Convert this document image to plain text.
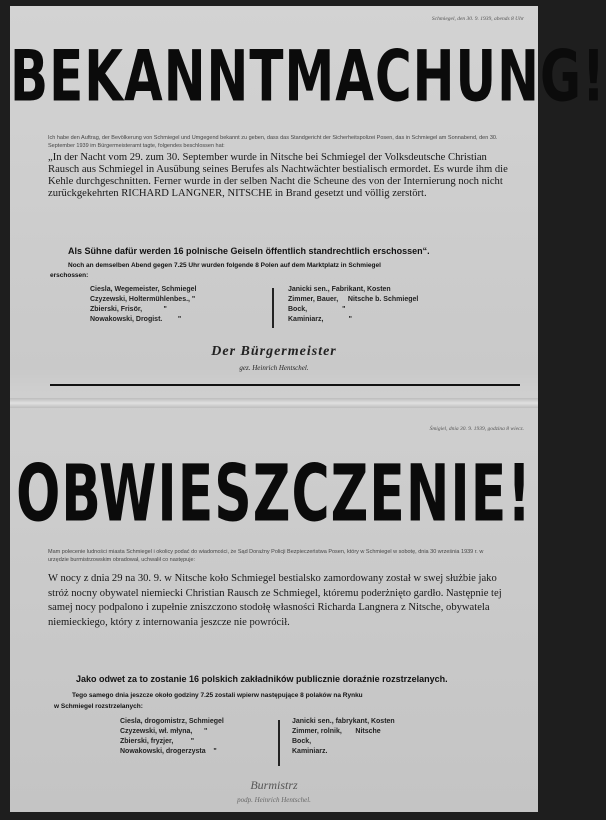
Schmiegel, den 30. 9. 1939, abends 8 Uhr
BEKANNTMACHUNG!
Ich habe den Auftrag, der Bevölkerung von Schmiegel und Umgegend bekannt zu geben, dass das Standgericht der Sicherheitspolizei Posen, das in Schmiegel am Sonnabend, den 30. September 1939 im Bürgermeisteramt tagte, folgendes beschlossen hat:
„In der Nacht vom 29. zum 30. September wurde in Nitsche bei Schmiegel der Volksdeutsche Christian Rausch aus Schmiegel in Ausübung seines Berufes als Nachtwächter bestialisch ermordet. Es wurde ihm die Kehle durchgeschnitten. Ferner wurde in der selben Nacht die Scheune des von der Internierung noch nicht zurückgekehrten RICHARD LANGNER, NITSCHE in Brand gesetzt und völlig zerstört.
Als Sühne dafür werden 16 polnische Geiseln öffentlich standrechtlich erschossen“.
Noch an demselben Abend gegen 7.25 Uhr wurden folgende 8 Polen auf dem Marktplatz in Schmiegel
erschossen:
Ciesla, Wegemeister, Schmiegel
Czyzewski, Holtermühlenbes., "
Zbierski, Frisör,           "
Nowakowski, Drogist.        "
Janicki sen., Fabrikant, Kosten
Zimmer, Bauer,     Nitsche b. Schmiegel
Bock,                  "
Kaminiarz,             "
Der Bürgermeister
gez. Heinrich Hentschel.
Śmigiel, dnia 30. 9. 1939, godzina 8 wiecz.
OBWIESZCZENIE!
Mam polecenie ludności miasta Schmiegel i okolicy podać do wiadomości, że Sąd Doraźny Policji Bezpieczeństwa Posen, który w Schmiegel w sobotę, dnia 30 września 1939 r. w urzędzie burmistrzowskim obradował, uchwalił co następuje:
W nocy z dnia 29 na 30. 9. w Nitsche koło Schmiegel bestialsko zamordowany został w swej służbie jako stróż nocny obywatel niemiecki Christian Rausch ze Schmiegel, któremu poderżnięto gardło. Następnie tej samej nocy podpalono i zupełnie zniszczono stodołę własności Richarda Langnera z Nitsche, obywatela niemieckiego, który z internowania jeszcze nie powrócił.
Jako odwet za to zostanie 16 polskich zakładników publicznie doraźnie rozstrzelanych.
Tego samego dnia jeszcze około godziny 7.25 zostali wpierw następujące 8 polaków na Rynku
w Schmiegel rozstrzelanych:
Ciesla, drogomistrz, Schmiegel
Czyzewski, wł. młyna,      "
Zbierski, fryzjer,         "
Nowakowski, drogerzysta    "
Janicki sen., fabrykant, Kosten
Zimmer, rolnik,       Nitsche
Bock,
Kaminiarz.
Burmistrz
podp. Heinrich Hentschel.
